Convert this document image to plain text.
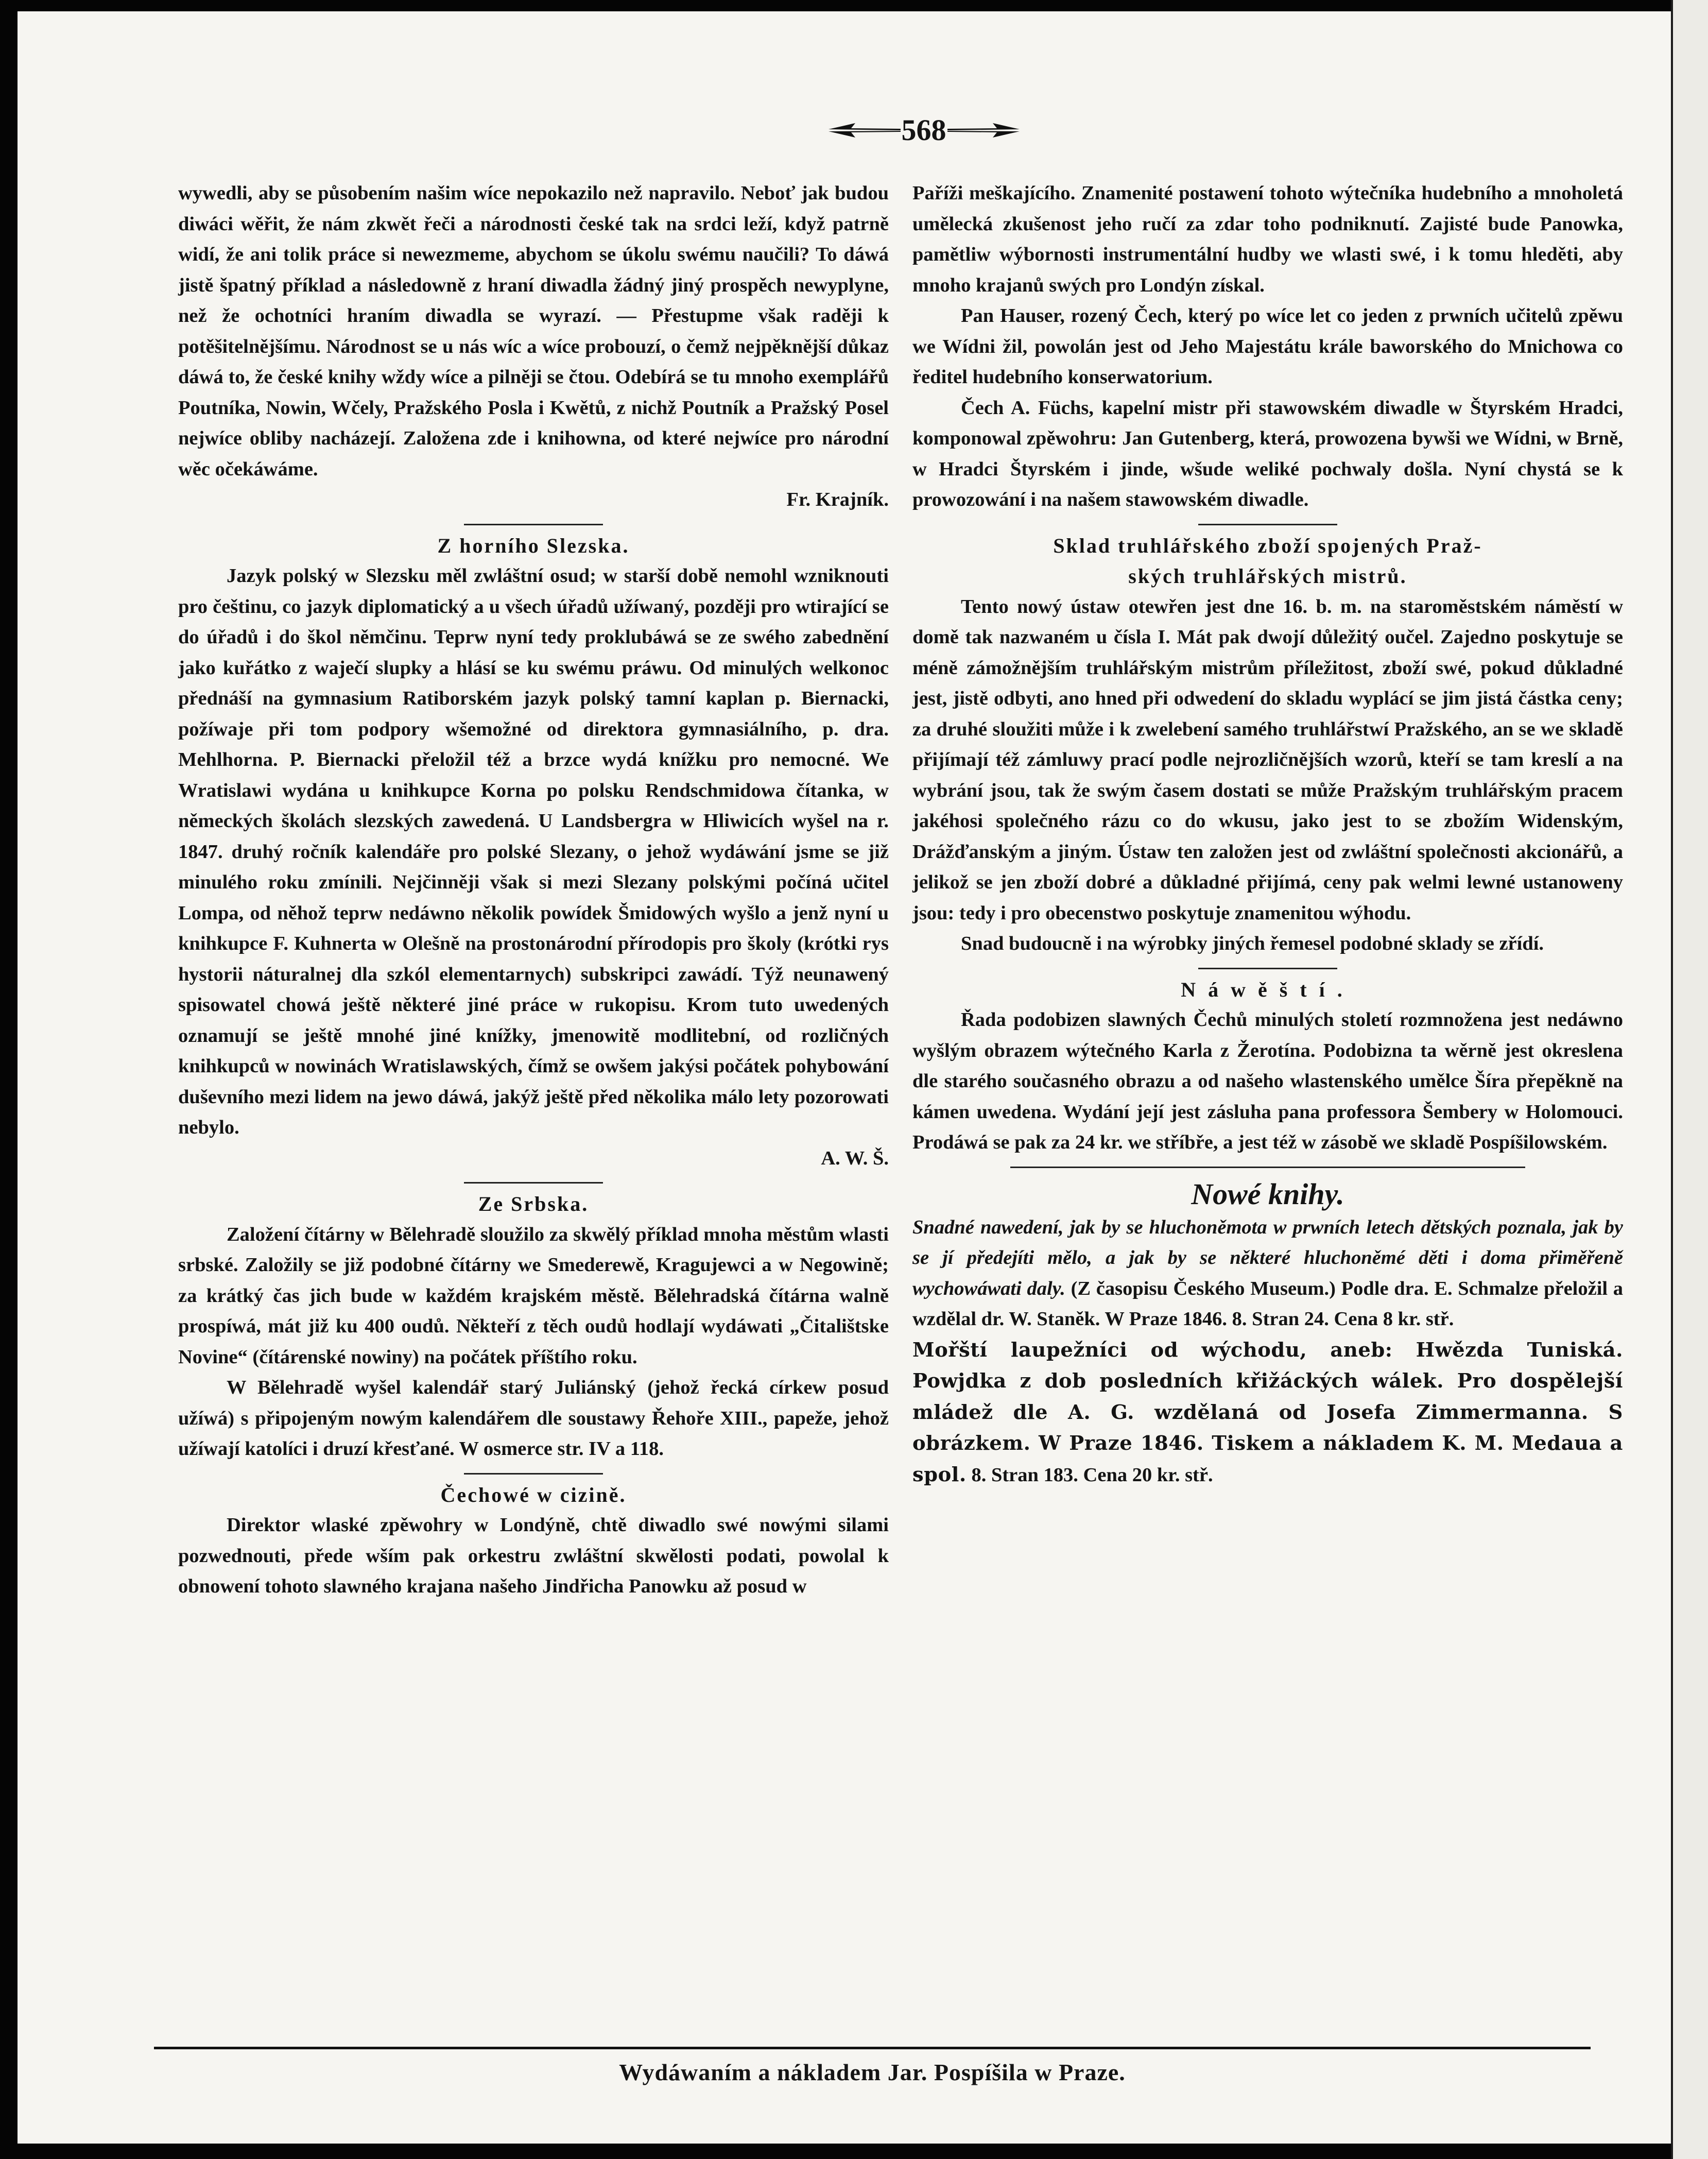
568

wywedli, aby se působením našim wíce nepokazilo než napravilo. Neboť jak budou diwáci wěřit, že nám zkwět řeči a národnosti české tak na srdci leží, když patrně widí, že ani tolik práce si newezmeme, abychom se úkolu swému naučili? To dáwá jistě špatný příklad a následowně z hraní diwadla žádný jiný prospěch newyplyne, než že ochotníci hraním diwadla se wyrazí. — Přestupme však raději k potěšitelnějšímu. Národnost se u nás wíc a wíce probouzí, o čemž nejpěknější důkaz dáwá to, že české knihy wždy wíce a pilněji se čtou. Odebírá se tu mnoho exemplářů Poutníka, Nowin, Wčely, Pražského Posla i Kwětů, z nichž Poutník a Pražský Posel nejwíce obliby nacházejí. Založena zde i knihowna, od které nejwíce pro národní wěc očekáwáme.

Fr. Krajník.
Z horního Slezska.

Jazyk polský w Slezsku měl zwláštní osud; w starší době nemohl wzniknouti pro češtinu, co jazyk diplomatický a u všech úřadů užíwaný, později pro wtirající se do úřadů i do škol němčinu. Teprw nyní tedy proklubáwá se ze swého zabednění jako kuřátko z waječí slupky a hlásí se ku swému práwu. Od minulých welkonoc přednáší na gymnasium Ratiborském jazyk polský tamní kaplan p. Biernacki, požíwaje při tom podpory wšemožné od direktora gymnasiálního, p. dra. Mehlhorna. P. Biernacki přeložil též a brzce wydá knížku pro nemocné. We Wratislawi wydána u knihkupce Korna po polsku Rendschmidowa čítanka, w německých školách slezských zawedená. U Landsbergra w Hliwicích wyšel na r. 1847. druhý ročník kalendáře pro polské Slezany, o jehož wydáwání jsme se již minulého roku zmínili. Nejčinněji však si mezi Slezany polskými počíná učitel Lompa, od něhož teprw nedáwno několik powídek Šmidowých wyšlo a jenž nyní u knihkupce F. Kuhnerta w Olešně na prostonárodní přírodopis pro školy (krótki rys hystorii náturalnej dla szkól elementarnych) subskripci zawádí. Týž neunawený spisowatel chowá ještě některé jiné práce w rukopisu. Krom tuto uwedených oznamují se ještě mnohé jiné knížky, jmenowitě modlitební, od rozličných knihkupců w nowinách Wratislawských, čímž se owšem jakýsi počátek pohybowání duševního mezi lidem na jewo dáwá, jakýž ještě před několika málo lety pozorowati nebylo.

A. W. Š.
Ze Srbska.

Založení čítárny w Bělehradě sloužilo za skwělý příklad mnoha městům wlasti srbské. Založily se již podobné čítárny we Smederewě, Kragujewci a w Negowině; za krátký čas jich bude w každém krajském městě. Bělehradská čítárna walně prospíwá, mát již ku 400 oudů. Někteří z těch oudů hodlají wydáwati „Čitalištske Novine“ (čítárenské nowiny) na počátek příštího roku.

W Bělehradě wyšel kalendář starý Juliánský (jehož řecká církew posud užíwá) s připojeným nowým kalendářem dle soustawy Řehoře XIII., papeže, jehož užíwají katolíci i druzí křesťané. W osmerce str. IV a 118.

Čechowé w cizině.

Direktor wlaské zpěwohry w Londýně, chtě diwadlo swé nowými silami pozwednouti, přede wším pak orkestru zwláštní skwělosti podati, powolal k obnowení tohoto slawného krajana našeho Jindřicha Panowku až posud w

Paříži meškajícího. Znamenité postawení tohoto wýtečníka hudebního a mnoholetá umělecká zkušenost jeho ručí za zdar toho podniknutí. Zajisté bude Panowka, pamětliw wýbornosti instrumentální hudby we wlasti swé, i k tomu hleděti, aby mnoho krajanů swých pro Londýn získal.

Pan Hauser, rozený Čech, který po wíce let co jeden z prwních učitelů zpěwu we Wídni žil, powolán jest od Jeho Majestátu krále baworského do Mnichowa co ředitel hudebního konserwatorium.

Čech A. Füchs, kapelní mistr při stawowském diwadle w Štyrském Hradci, komponowal zpěwohru: Jan Gutenberg, která, prowozena bywši we Wídni, w Brně, w Hradci Štyrském i jinde, wšude weliké pochwaly došla. Nyní chystá se k prowozowání i na našem stawowském diwadle.

Sklad truhlářského zboží spojených Praž-
ských truhlářských mistrů.

Tento nowý ústaw otewřen jest dne 16. b. m. na staroměstském náměstí w domě tak nazwaném u čísla I. Mát pak dwojí důležitý oučel. Zajedno poskytuje se méně zámožnějším truhlářským mistrům příležitost, zboží swé, pokud důkladné jest, jistě odbyti, ano hned při odwedení do skladu wyplácí se jim jistá částka ceny; za druhé sloužiti může i k zwelebení samého truhlářstwí Pražského, an se we skladě přijímají též zámluwy prací podle nejrozličnějších wzorů, kteří se tam kreslí a na wybrání jsou, tak že swým časem dostati se může Pražským truhlářským pracem jakéhosi společného rázu co do wkusu, jako jest to se zbožím Widenským, Drážďanským a jiným. Ústaw ten založen jest od zwláštní společnosti akcionářů, a jelikož se jen zboží dobré a důkladné přijímá, ceny pak welmi lewné ustanoweny jsou: tedy i pro obecenstwo poskytuje znamenitou wýhodu.

Snad budoucně i na wýrobky jiných řemesel podobné sklady se zřídí.

Náwěští.

Řada podobizen slawných Čechů minulých století rozmnožena jest nedáwno wyšlým obrazem wýtečného Karla z Žerotína. Podobizna ta wěrně jest okreslena dle starého současného obrazu a od našeho wlastenského umělce Šíra přepěkně na kámen uwedena. Wydání její jest zásluha pana professora Šembery w Holomouci. Prodáwá se pak za 24 kr. we stříbře, a jest též w zásobě we skladě Pospíšilowském.

Nowé knihy.

Snadné nawedení, jak by se hluchoněmota w prwních letech dětských poznala, jak by se jí předejíti mělo, a jak by se některé hluchoněmé děti i doma přiměřeně wychowáwati daly. (Z časopisu Českého Museum.) Podle dra. E. Schmalze přeložil a wzdělal dr. W. Staněk. W Praze 1846. 8. Stran 24. Cena 8 kr. stř.

Mořští laupežníci od wýchodu, aneb: Hwězda Tuniská. Powjdka z dob posledních křižáckých wálek. Pro dospělejší mládež dle A. G. wzdělaná od Josefa Zimmermanna. S obrázkem. W Praze 1846. Tiskem a nákladem K. M. Medaua a spol. 8. Stran 183. Cena 20 kr. stř.

Wydáwaním a nákladem Jar. Pospíšila w Praze.
